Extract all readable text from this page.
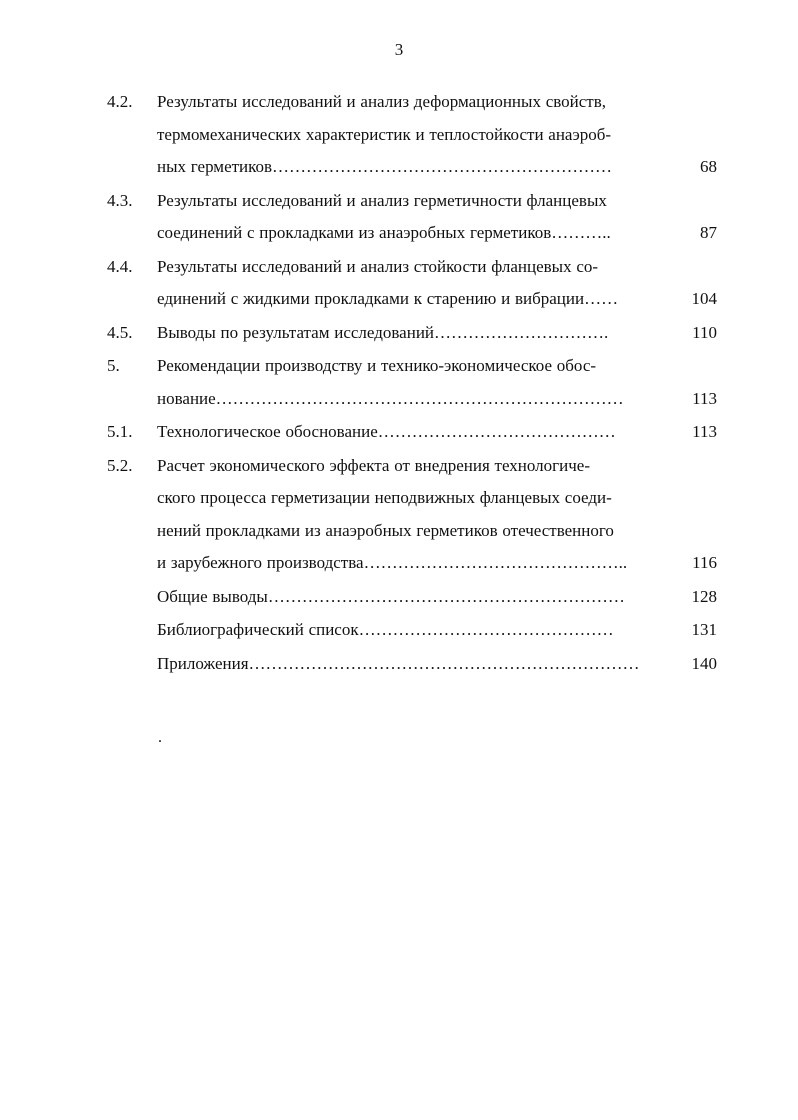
3
4.2. Результаты исследований и анализ деформационных свойств,
термомеханических характеристик и теплостойкости анаэроб-
ных герметиков……………………………………………………	68
4.3. Результаты исследований и анализ герметичности фланцевых
соединений с прокладками из анаэробных герметиков………..	87
4.4. Результаты исследований и анализ стойкости фланцевых со-
единений с жидкими прокладками к старению и вибрации……	104
4.5. Выводы по результатам исследований………………………….	110
5. Рекомендации производству и технико-экономическое обос-
нование………………………………………………………………	113
5.1. Технологическое обоснование……………………………………	113
5.2. Расчет экономического эффекта от внедрения технологиче-
ского процесса герметизации неподвижных фланцевых соеди-
нений прокладками из анаэробных герметиков отечественного
и зарубежного производства………………………………………..	116
Общие выводы………………………………………………………	128
Библиографический список………………………………………	131
Приложения……………………………………………………………	140
.
